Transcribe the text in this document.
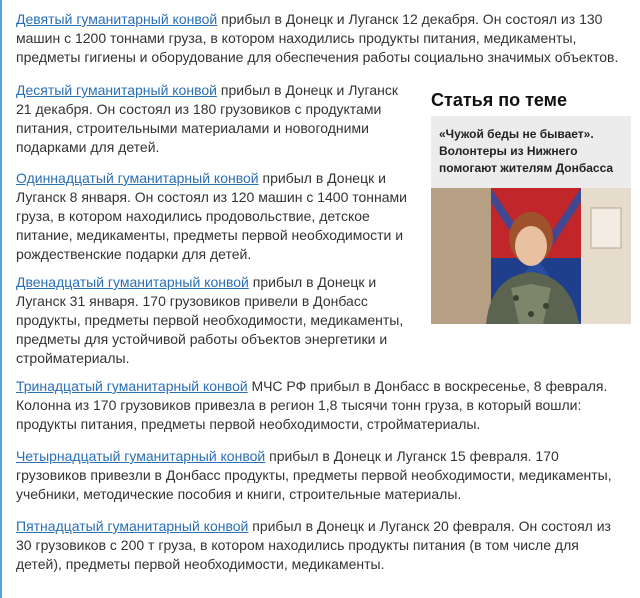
Девятый гуманитарный конвой прибыл в Донецк и Луганск 12 декабря. Он состоял из 130 машин с 1200 тоннами груза, в котором находились продукты питания, медикаменты, предметы гигиены и оборудование для обеспечения работы социально значимых объектов.

Десятый гуманитарный конвой прибыл в Донецк и Луганск 21 декабря. Он состоял из 180 грузовиков с продуктами питания, строительными материалами и новогодними подарками для детей.

Одиннадцатый гуманитарный конвой прибыл в Донецк и Луганск 8 января. Он состоял из 120 машин с 1400 тоннами груза, в котором находились продовольствие, детское питание, медикаменты, предметы первой необходимости и рождественские подарки для детей.

Двенадцатый гуманитарный конвой прибыл в Донецк и Луганск 31 января. 170 грузовиков привели в Донбасс продукты, предметы первой необходимости, медикаменты, предметы для устойчивой работы объектов энергетики и стройматериалы.

Тринадцатый гуманитарный конвой МЧС РФ прибыл в Донбасс в воскресенье, 8 февраля. Колонна из 170 грузовиков привезла в регион 1,8 тысячи тонн груза, в который вошли: продукты питания, предметы первой необходимости, стройматериалы.

Четырнадцатый гуманитарный конвой прибыл в Донецк и Луганск 15 февраля. 170 грузовиков привезли в Донбасс продукты, предметы первой необходимости, медикаменты, учебники, методические пособия и книги, строительные материалы.

Пятнадцатый гуманитарный конвой прибыл в Донецк и Луганск 20 февраля. Он состоял из 30 грузовиков с 200 т груза, в котором находились продукты питания (в том числе для детей), предметы первой необходимости, медикаменты.

Статья по теме
«Чужой беды не бывает». Волонтеры из Нижнего помогают жителям Донбасса
